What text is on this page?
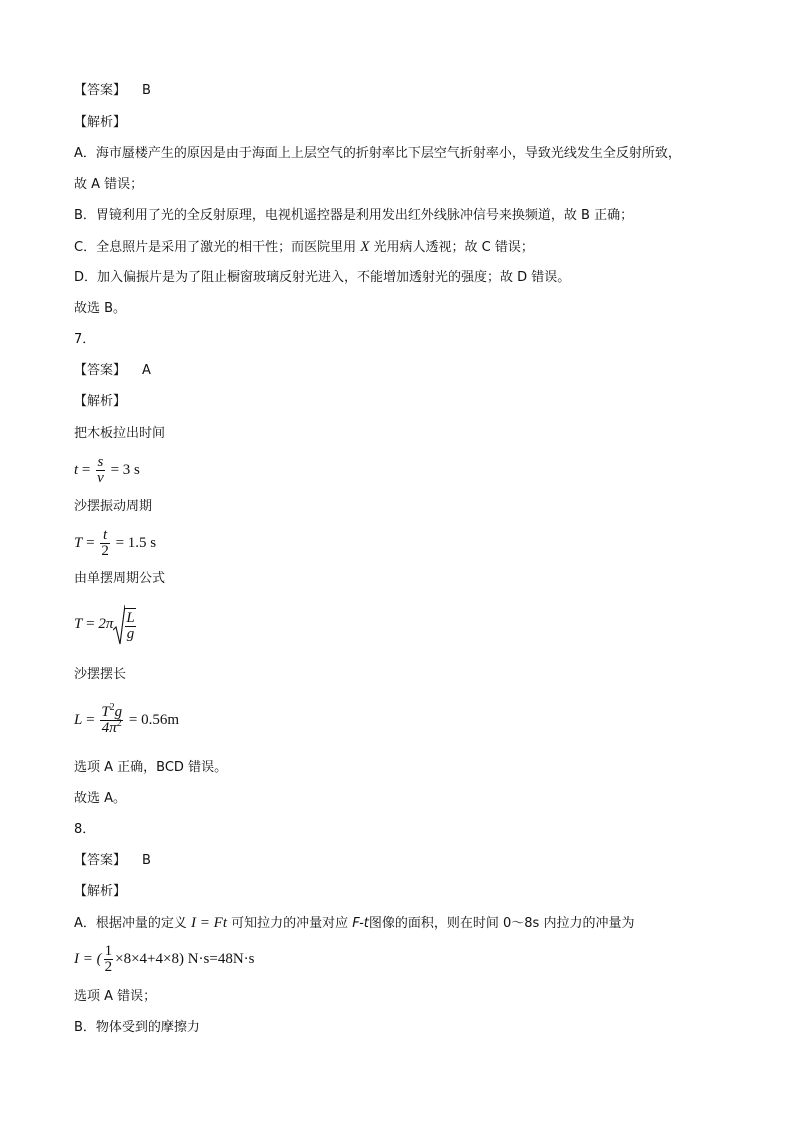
【答案】 B
【解析】
A．海市蜃楼产生的原因是由于海面上上层空气的折射率比下层空气折射率小，导致光线发生全反射所致，
故 A 错误；
B．胃镜利用了光的全反射原理，电视机遥控器是利用发出红外线脉冲信号来换频道，故 B 正确；
C．全息照片是采用了激光的相干性；而医院里用 X 光用病人透视；故 C 错误；
D．加入偏振片是为了阻止橱窗玻璃反射光进入，不能增加透射光的强度；故 D 错误。
故选 B。
7．
【答案】 A
【解析】
把木板拉出时间
$t = \frac{s}{v} = 3$ s
沙摆振动周期
$T = \frac{t}{2} = 1.5$ s
由单摆周期公式
$T = 2\pi \frac{L}{g}$
沙摆摆长
$L = \frac{T^2g}{4\pi^2} = 0.56m$
选项 A 正确，BCD 错误。
故选 A。
8．
【答案】 B
【解析】
A．根据冲量的定义 I = Ft 可知拉力的冲量对应 F-t图像的面积，则在时间 0～8s 内拉力的冲量为
I = ( $\frac{1}{2} \times 8\times 4+4\times 8$) N·s=48N·s
选项 A 错误；
B．物体受到的摩擦力
